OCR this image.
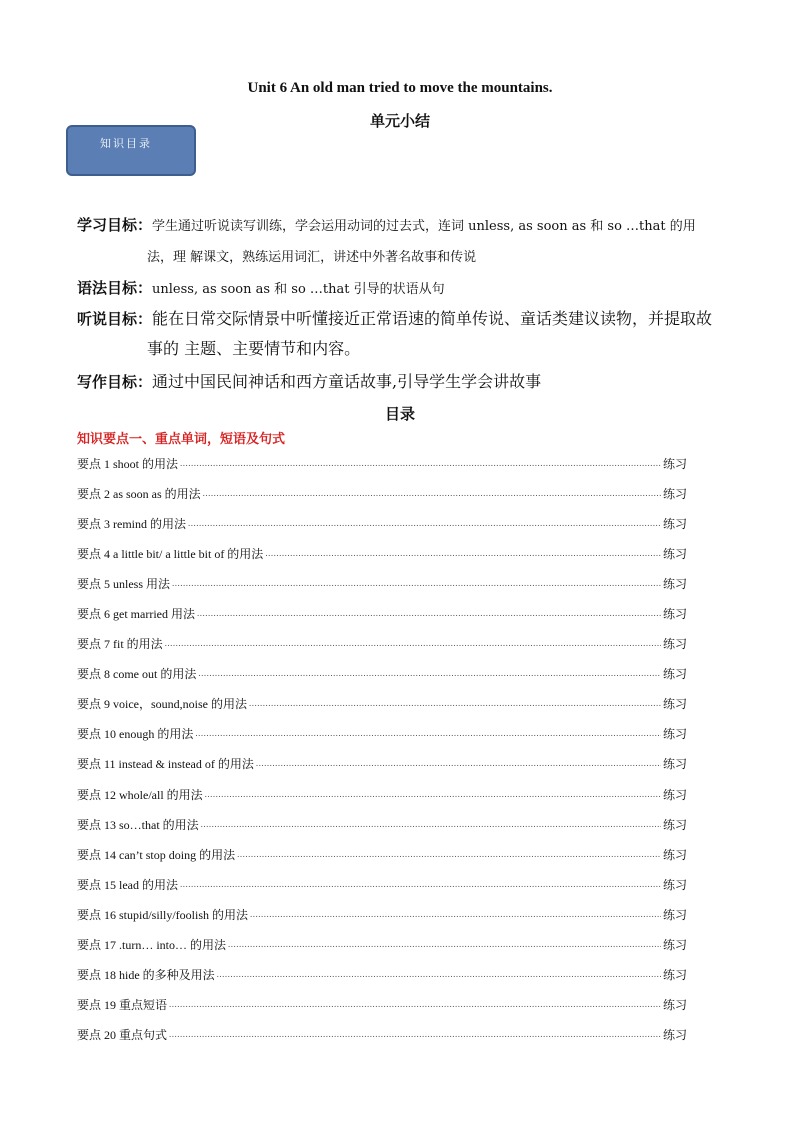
Unit 6 An old man tried to move the mountains.
单元小结
知识目录
学习目标：学生通过听说读写训练，学会运用动词的过去式，连词 unless, as soon as 和 so …that 的用
法，理 解课文，熟练运用词汇，讲述中外著名故事和传说
语法目标：unless, as soon as 和 so …that 引导的状语从句
听说目标：能在日常交际情景中听懂接近正常语速的简单传说、童话类建议读物，并提取故
事的 主题、主要情节和内容。
写作目标：通过中国民间神话和西方童话故事,引导学生学会讲故事
目录
知识要点一、重点单词，短语及句式
要点 1 shoot 的用法 .....	练习
要点 2 as soon as 的用法 .....	练习
要点 3 remind 的用法 .....	练习
要点 4 a little bit/ a little bit of 的用法 .....	练习
要点 5 unless 用法 .....	练习
要点 6 get married 用法 .....	练习
要点 7 fit 的用法 .....	练习
要点 8 come out 的用法 .....	练习
要点 9 voice，sound,noise 的用法 .....	练习
要点 10 enough 的用法 .....	练习
要点 11 instead & instead of 的用法 .....	练习
要点 12 whole/all 的用法 .....	练习
要点 13 so…that 的用法 .....	练习
要点 14 can’t stop doing 的用法 .....	练习
要点 15 lead 的用法 .....	练习
要点 16 stupid/silly/foolish 的用法 .....	练习
要点 17 .turn… into… 的用法 .....	练习
要点 18 hide 的多种及用法 .....	练习
要点 19 重点短语 .....	练习
要点 20 重点句式 .....	练习
